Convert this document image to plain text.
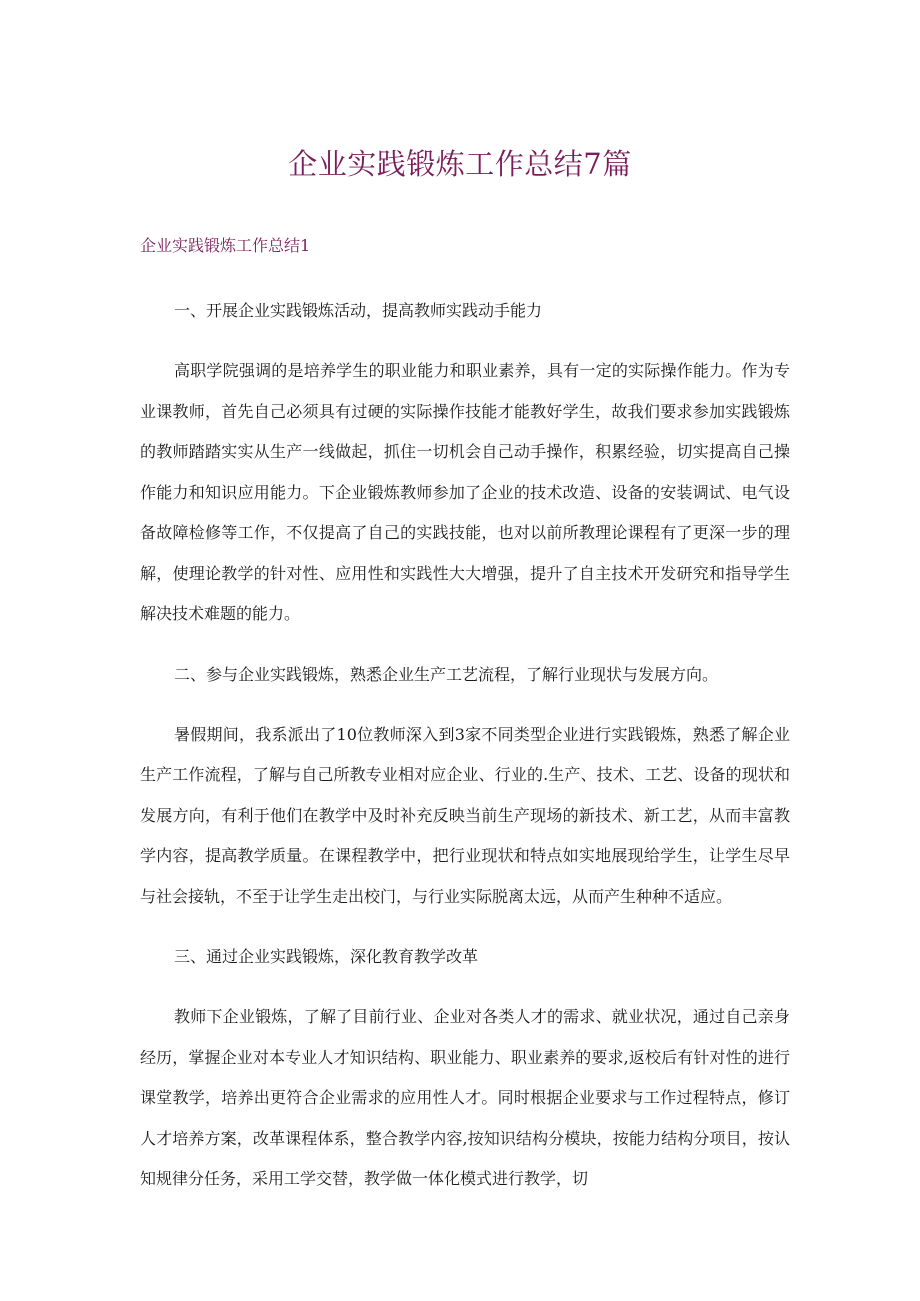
企业实践锻炼工作总结7篇
企业实践锻炼工作总结1

一、开展企业实践锻炼活动，提高教师实践动手能力

高职学院强调的是培养学生的职业能力和职业素养，具有一定的实际操作能力。作为专业课教师，首先自己必须具有过硬的实际操作技能才能教好学生，故我们要求参加实践锻炼的教师踏踏实实从生产一线做起，抓住一切机会自己动手操作，积累经验，切实提高自己操作能力和知识应用能力。下企业锻炼教师参加了企业的技术改造、设备的安装调试、电气设备故障检修等工作，不仅提高了自己的实践技能，也对以前所教理论课程有了更深一步的理解，使理论教学的针对性、应用性和实践性大大增强，提升了自主技术开发研究和指导学生解决技术难题的能力。

二、参与企业实践锻炼，熟悉企业生产工艺流程，了解行业现状与发展方向。

暑假期间，我系派出了10位教师深入到3家不同类型企业进行实践锻炼，熟悉了解企业生产工作流程，了解与自己所教专业相对应企业、行业的.生产、技术、工艺、设备的现状和发展方向，有利于他们在教学中及时补充反映当前生产现场的新技术、新工艺，从而丰富教学内容，提高教学质量。在课程教学中，把行业现状和特点如实地展现给学生，让学生尽早与社会接轨，不至于让学生走出校门，与行业实际脱离太远，从而产生种种不适应。

三、通过企业实践锻炼，深化教育教学改革

教师下企业锻炼，了解了目前行业、企业对各类人才的需求、就业状况，通过自己亲身经历，掌握企业对本专业人才知识结构、职业能力、职业素养的要求,返校后有针对性的进行课堂教学，培养出更符合企业需求的应用性人才。同时根据企业要求与工作过程特点，修订人才培养方案，改革课程体系，整合教学内容,按知识结构分模块，按能力结构分项目，按认知规律分任务，采用工学交替，教学做一体化模式进行教学，切
